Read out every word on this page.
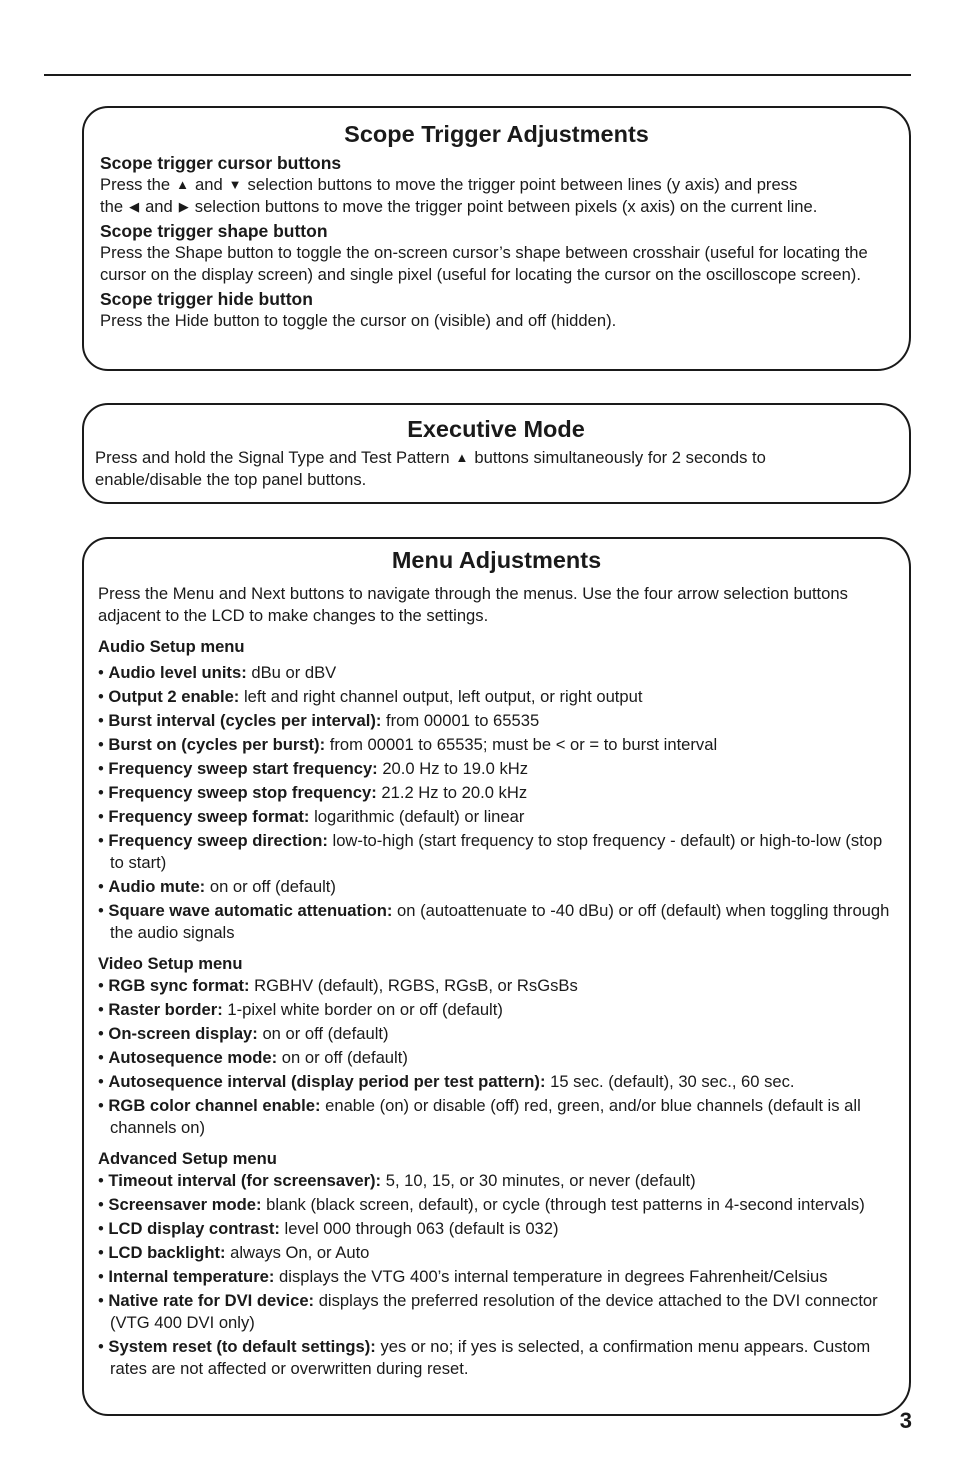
Scope Trigger Adjustments

Scope trigger cursor buttons

Press the ▲ and ▼ selection buttons to move the trigger point between lines (y axis) and press
the ◀ and ▶ selection buttons to move the trigger point between pixels (x axis) on the current line.

Scope trigger shape button

Press the Shape button to toggle the on-screen cursor’s shape between crosshair (useful for locating the cursor on the display screen) and single pixel (useful for locating the cursor on the oscilloscope screen).

Scope trigger hide button

Press the Hide button to toggle the cursor on (visible) and off (hidden).

Executive Mode

Press and hold the Signal Type and Test Pattern ▲ buttons simultaneously for 2 seconds to
enable/disable the top panel buttons.

Menu Adjustments

Press the Menu and Next buttons to navigate through the menus. Use the four arrow selection buttons adjacent to the LCD to make changes to the settings.

Audio Setup menu

• Audio level units: dBu or dBV
• Output 2 enable: left and right channel output, left output, or right output
• Burst interval (cycles per interval): from 00001 to 65535
• Burst on (cycles per burst): from 00001 to 65535; must be < or = to burst interval
• Frequency sweep start frequency: 20.0 Hz to 19.0 kHz
• Frequency sweep stop frequency: 21.2 Hz to 20.0 kHz
• Frequency sweep format: logarithmic (default) or linear
• Frequency sweep direction: low-to-high (start frequency to stop frequency - default) or high-to-low (stop to start)
• Audio mute: on or off (default)
• Square wave automatic attenuation: on (autoattenuate to -40 dBu) or off (default) when toggling through the audio signals

Video Setup menu

• RGB sync format: RGBHV (default), RGBS, RGsB, or RsGsBs
• Raster border: 1-pixel white border on or off (default)
• On-screen display: on or off (default)
• Autosequence mode: on or off (default)
• Autosequence interval (display period per test pattern): 15 sec. (default), 30 sec., 60 sec.
• RGB color channel enable: enable (on) or disable (off) red, green, and/or blue channels (default is all channels on)

Advanced Setup menu

• Timeout interval (for screensaver): 5, 10, 15, or 30 minutes, or never (default)
• Screensaver mode: blank (black screen, default), or cycle (through test patterns in 4-second intervals)
• LCD display contrast: level 000 through 063 (default is 032)
• LCD backlight: always On, or Auto
• Internal temperature: displays the VTG 400’s internal temperature in degrees Fahrenheit/Celsius
• Native rate for DVI device: displays the preferred resolution of the device attached to the DVI connector (VTG 400 DVI only)
• System reset (to default settings): yes or no; if yes is selected, a confirmation menu appears. Custom rates are not affected or overwritten during reset.
3
